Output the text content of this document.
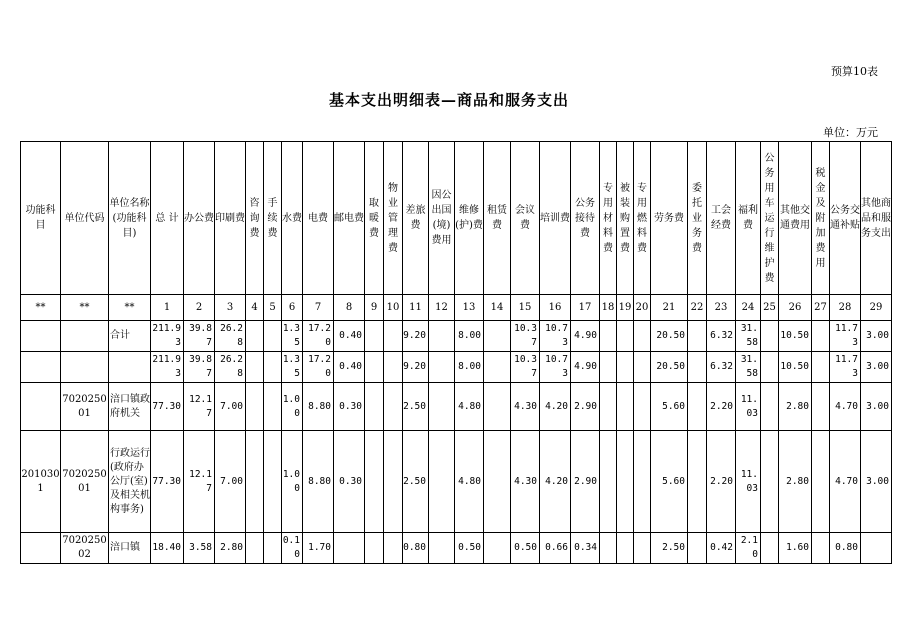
预算10表
基本支出明细表—商品和服务支出
单位：万元
功能科目	单位代码	单位名称(功能科目)	总 计	办公费	印刷费	咨询费	手续费	水费	电费	邮电费	取暖费	物业管理费	差旅费	因公出国(境)费用	维修(护)费	租赁费	会议费	培训费	公务接待费	专用材料费	被装购置费	专用燃料费	劳务费	委托业务费	工会经费	福利费	公务用车运行维护费	其他交通费用	税金及附加费用	公务交通补贴	其他商品和服务支出
**	**	**	1	2	3	4	5	6	7	8	9	10	11	12	13	14	15	16	17	18	19	20	21	22	23	24	25	26	27	28	29
		合计	211.93	39.87	26.28			1.35	17.20	0.40			9.20		8.00		10.37	10.73	4.90				20.50		6.32	31.58		10.50		11.73	3.00
			211.93	39.87	26.28			1.35	17.20	0.40			9.20		8.00		10.37	10.73	4.90				20.50		6.32	31.58		10.50		11.73	3.00
	702025001	涪口镇政府机关	77.30	12.17	7.00			1.00	8.80	0.30			2.50		4.80		4.30	4.20	2.90				5.60		2.20	11.03		2.80		4.70	3.00
2010301	702025001	行政运行(政府办公厅(室)及相关机构事务)	77.30	12.17	7.00			1.00	8.80	0.30			2.50		4.80		4.30	4.20	2.90				5.60		2.20	11.03		2.80		4.70	3.00
	702025002	涪口镇	18.40	3.58	2.80			0.10	1.70				0.80		0.50		0.50	0.66	0.34				2.50		0.42	2.10		1.60		0.80	
